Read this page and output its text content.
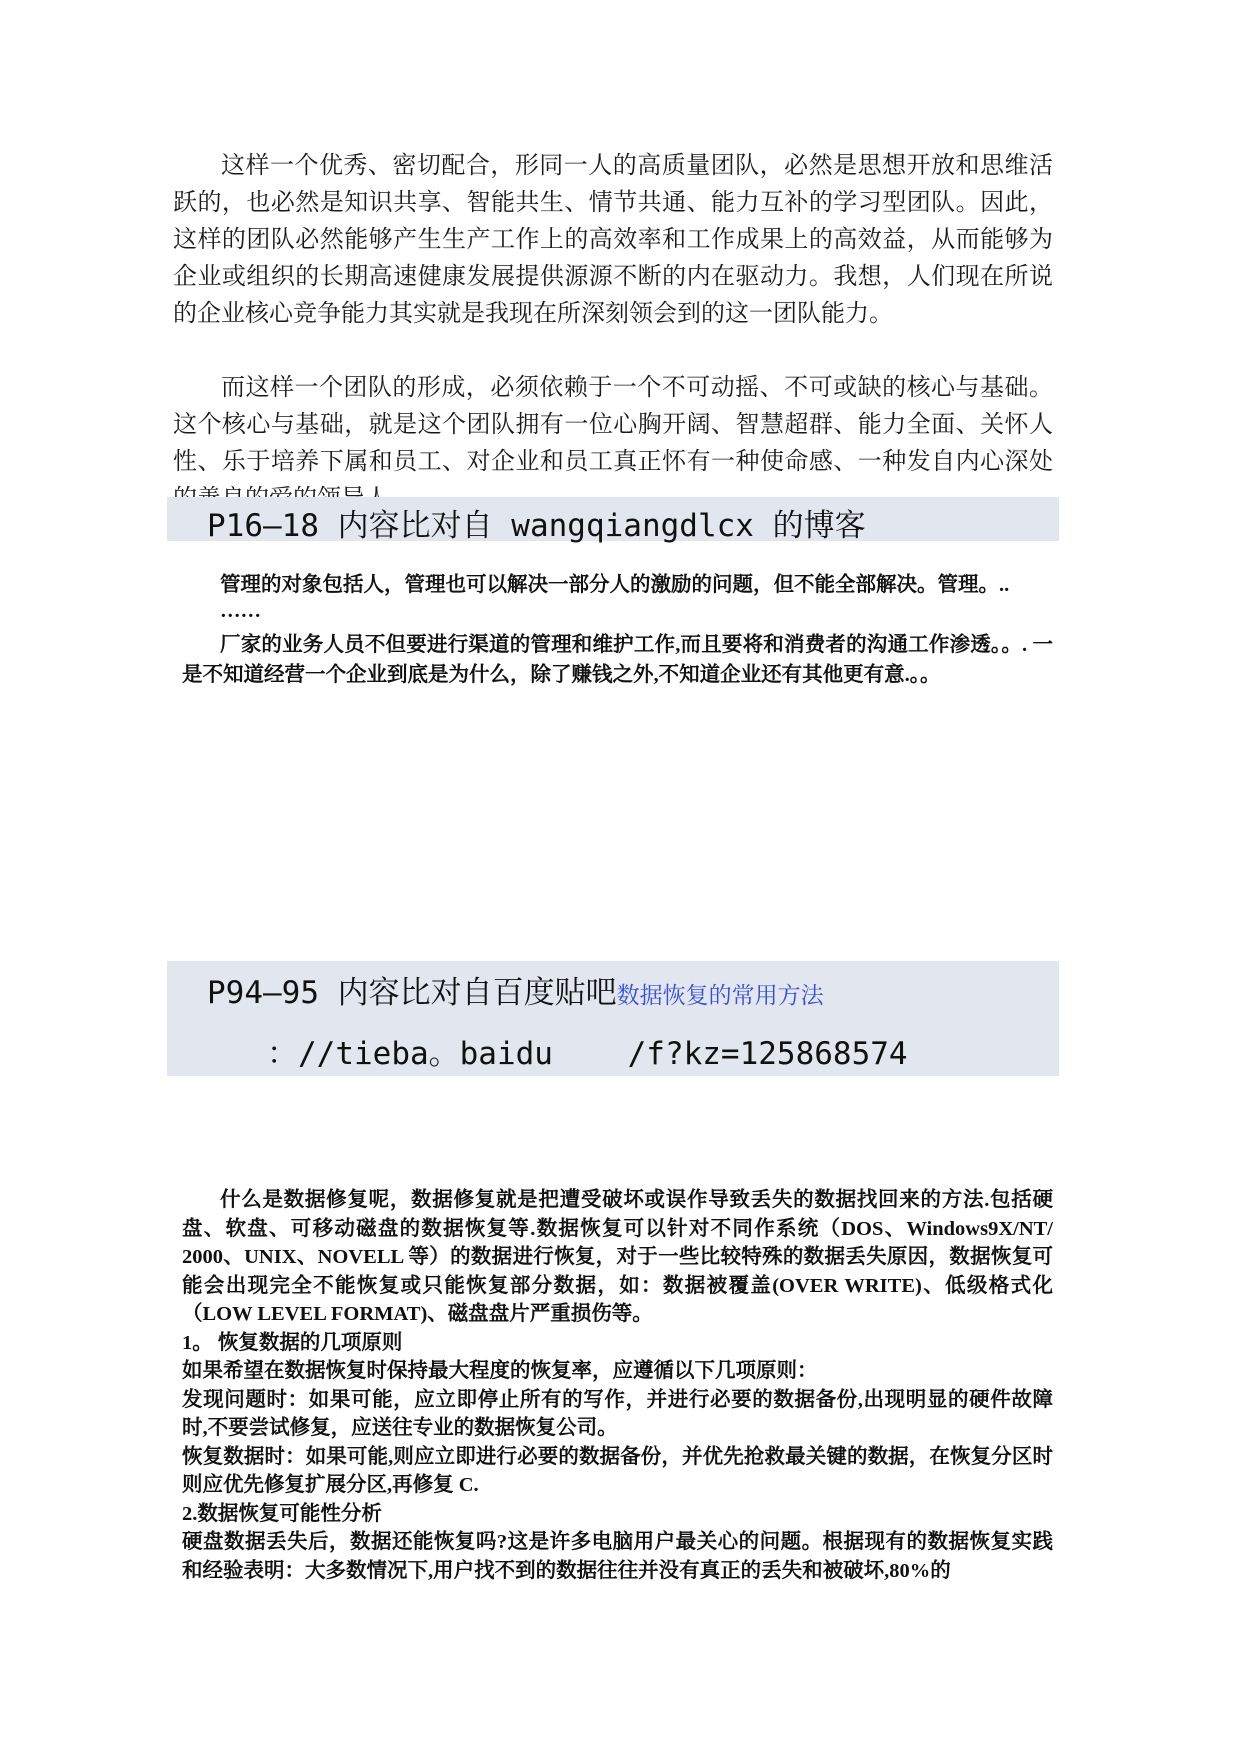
这样一个优秀、密切配合，形同一人的高质量团队，必然是思想开放和思维活跃的，也必然是知识共享、智能共生、情节共通、能力互补的学习型团队。因此，这样的团队必然能够产生生产工作上的高效率和工作成果上的高效益，从而能够为企业或组织的长期高速健康发展提供源源不断的内在驱动力。我想，人们现在所说的企业核心竞争能力其实就是我现在所深刻领会到的这一团队能力。

而这样一个团队的形成，必须依赖于一个不可动摇、不可或缺的核心与基础。这个核心与基础，就是这个团队拥有一位心胸开阔、智慧超群、能力全面、关怀人性、乐于培养下属和员工、对企业和员工真正怀有一种使命感、一种发自内心深处

P16—18 内容比对自 wangqiangdlcx 的博客

管理的对象包括人，管理也可以解决一部分人的激励的问题，但不能全部解决。管理。..

……

厂家的业务人员不但要进行渠道的管理和维护工作,而且要将和消费者的沟通工作渗透。。. 一是不知道经营一个企业到底是为什么，除了赚钱之外,不知道企业还有其他更有意.。。

P94—95 内容比对自百度贴吧数据恢复的常用方法
：//tieba。baidu    /f?kz=125868574

什么是数据修复呢，数据修复就是把遭受破坏或误作导致丢失的数据找回来的方法.包括硬盘、软盘、可移动磁盘的数据恢复等.数据恢复可以针对不同作系统（DOS、Windows9X/NT/ 2000、UNIX、NOVELL 等）的数据进行恢复，对于一些比较特殊的数据丢失原因，数据恢复可能会出现完全不能恢复或只能恢复部分数据，如：数据被覆盖(OVER WRITE)、低级格式化（LOW LEVEL FORMAT)、磁盘盘片严重损伤等。

1。 恢复数据的几项原则

如果希望在数据恢复时保持最大程度的恢复率，应遵循以下几项原则：

发现问题时：如果可能，应立即停止所有的写作，并进行必要的数据备份,出现明显的硬件故障时,不要尝试修复，应送往专业的数据恢复公司。

恢复数据时：如果可能,则应立即进行必要的数据备份，并优先抢救最关键的数据，在恢复分区时则应优先修复扩展分区,再修复 C.

2.数据恢复可能性分析

硬盘数据丢失后，数据还能恢复吗?这是许多电脑用户最关心的问题。根据现有的数据恢复实践和经验表明：大多数情况下,用户找不到的数据往往并没有真正的丢失和被破坏,80%的
